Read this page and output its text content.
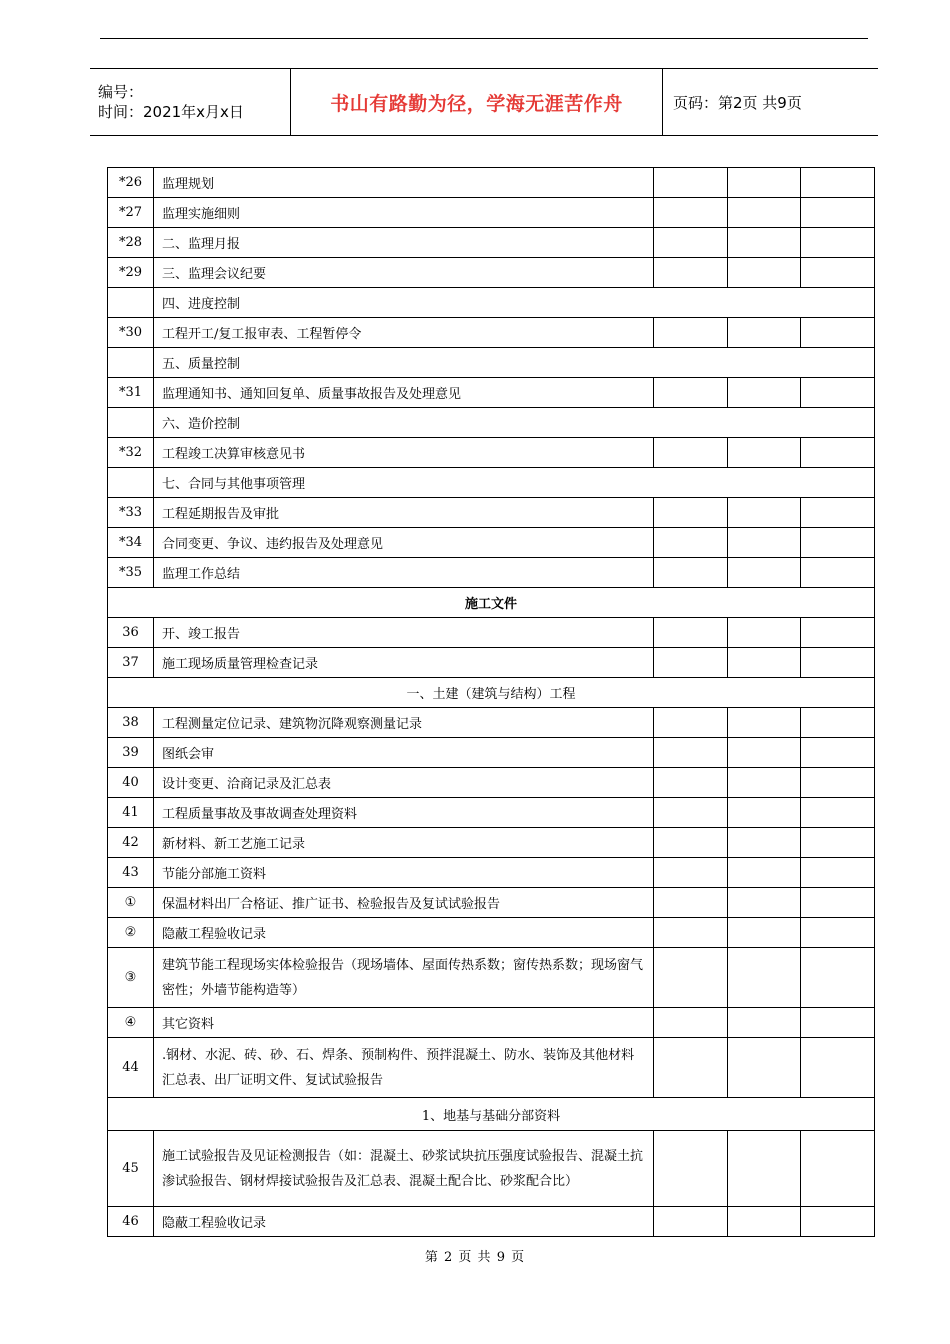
编号：
时间：2021年x月x日	书山有路勤为径，学海无涯苦作舟	页码：第2页 共9页
*26	监理规划			
*27	监理实施细则			
*28	二、监理月报			
*29	三、监理会议纪要			
	四、进度控制			
*30	工程开工/复工报审表、工程暂停令			
	五、质量控制			
*31	监理通知书、通知回复单、质量事故报告及处理意见			
	六、造价控制			
*32	工程竣工决算审核意见书			
	七、合同与其他事项管理			
*33	工程延期报告及审批			
*34	合同变更、争议、违约报告及处理意见			
*35	监理工作总结			
施工文件				
36	开、竣工报告			
37	施工现场质量管理检查记录			
一、土建（建筑与结构）工程				
38	工程测量定位记录、建筑物沉降观察测量记录			
39	图纸会审			
40	设计变更、洽商记录及汇总表			
41	工程质量事故及事故调查处理资料			
42	新材料、新工艺施工记录			
43	节能分部施工资料			
①	保温材料出厂合格证、推广证书、检验报告及复试试验报告			
②	隐蔽工程验收记录			
③	建筑节能工程现场实体检验报告（现场墙体、屋面传热系数；窗传热系数；现场窗气密性；外墙节能构造等）			
④	其它资料			
44	.钢材、水泥、砖、砂、石、焊条、预制构件、预拌混凝土、防水、装饰及其他材料汇总表、出厂证明文件、复试试验报告			
1、地基与基础分部资料				
45	施工试验报告及见证检测报告（如：混凝土、砂浆试块抗压强度试验报告、混凝土抗渗试验报告、钢材焊接试验报告及汇总表、混凝土配合比、砂浆配合比）			
46	隐蔽工程验收记录			
第 2 页 共 9 页
